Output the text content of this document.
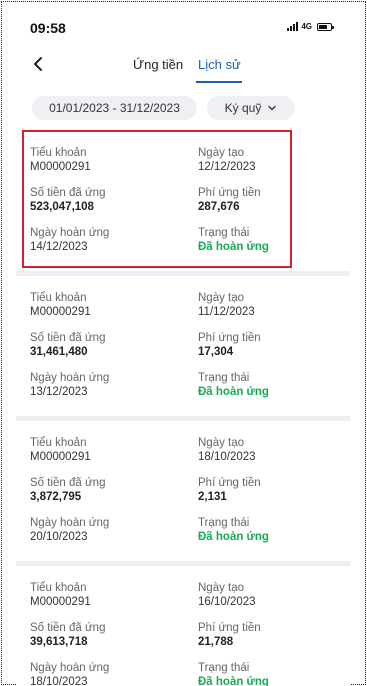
09:58	4G
Ứng tiền Lịch sử
01/01/2023 - 31/12/2023	Ký quỹ
Tiểu khoản
M00000291
Ngày tạo
12/12/2023
Số tiền đã ứng
523,047,108
Phí ứng tiền
287,676
Ngày hoàn ứng
14/12/2023
Trạng thái
Đã hoàn ứng
Tiểu khoản
M00000291
Ngày tạo
11/12/2023
Số tiền đã ứng
31,461,480
Phí ứng tiền
17,304
Ngày hoàn ứng
13/12/2023
Trạng thái
Đã hoàn ứng
Tiểu khoản
M00000291
Ngày tạo
18/10/2023
Số tiền đã ứng
3,872,795
Phí ứng tiền
2,131
Ngày hoàn ứng
20/10/2023
Trạng thái
Đã hoàn ứng
Tiểu khoản
M00000291
Ngày tạo
16/10/2023
Số tiền đã ứng
39,613,718
Phí ứng tiền
21,788
Ngày hoàn ứng
18/10/2023
Trạng thái
Đã hoàn ứng
